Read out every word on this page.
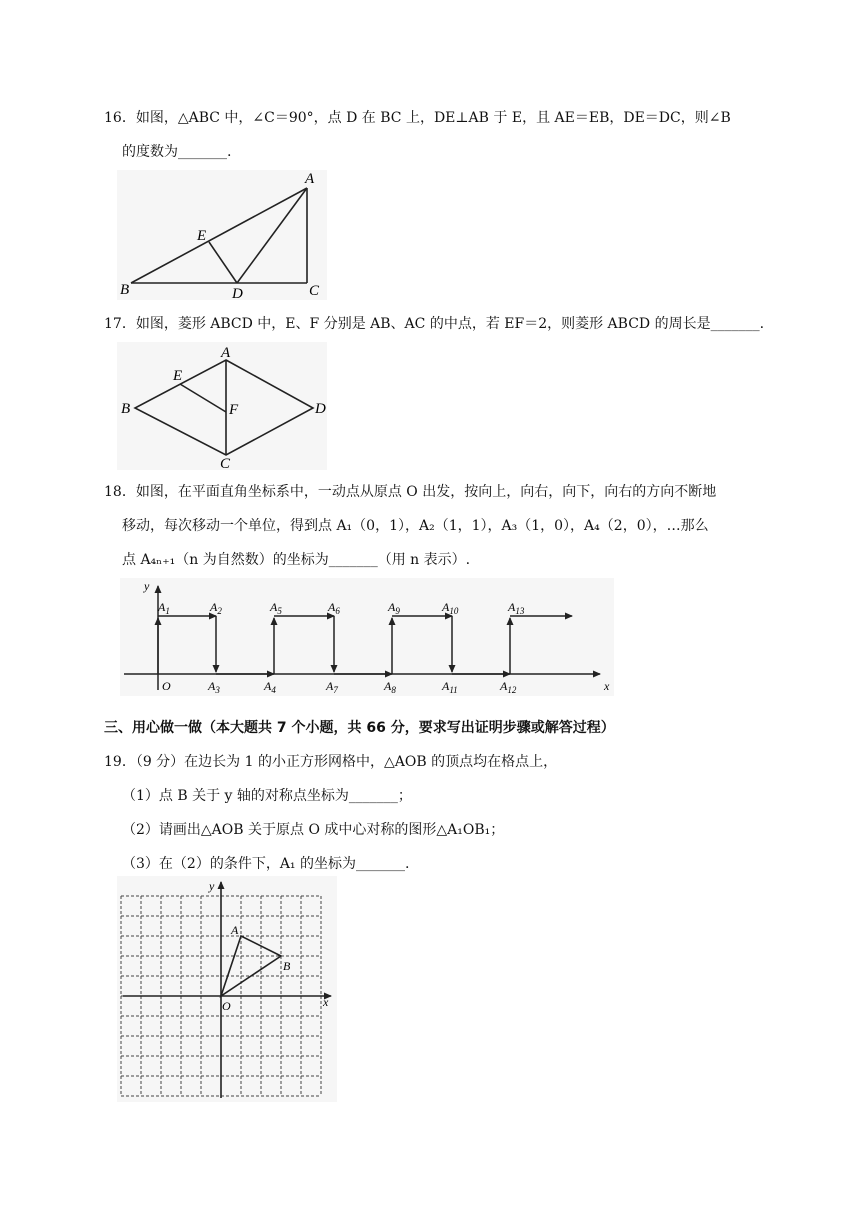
16．如图，△ABC 中，∠C＝90°，点 D 在 BC 上，DE⊥AB 于 E，且 AE＝EB，DE＝DC，则∠B
的度数为_______.
A
B	C
D
E
17．如图，菱形 ABCD 中，E、F 分别是 AB、AC 的中点，若 EF＝2，则菱形 ABCD 的周长是_______.
A
B
C
D
E
F
18．如图，在平面直角坐标系中，一动点从原点 O 出发，按向上，向右，向下，向右的方向不断地
移动，每次移动一个单位，得到点 A₁（0，1），A₂（1，1），A₃（1，0），A₄（2，0），…那么
点 A₄ₙ₊₁（n 为自然数）的坐标为_______（用 n 表示）.
y
x
O
$A_1$	$A_2$	$A_5$	$A_6$	$A_9$	$A_{10}$	$A_{13}$
$A_3$	$A_4$	$A_7$	$A_8$	$A_{11}$	$A_{12}$
三、用心做一做（本大题共 7 个小题，共 66 分，要求写出证明步骤或解答过程）
19．（9 分）在边长为 1 的小正方形网格中，△AOB 的顶点均在格点上，
（1）点 B 关于 y 轴的对称点坐标为_______；
（2）请画出△AOB 关于原点 O 成中心对称的图形△A₁OB₁；
（3）在（2）的条件下，A₁ 的坐标为_______.
y
x
O
A
B
